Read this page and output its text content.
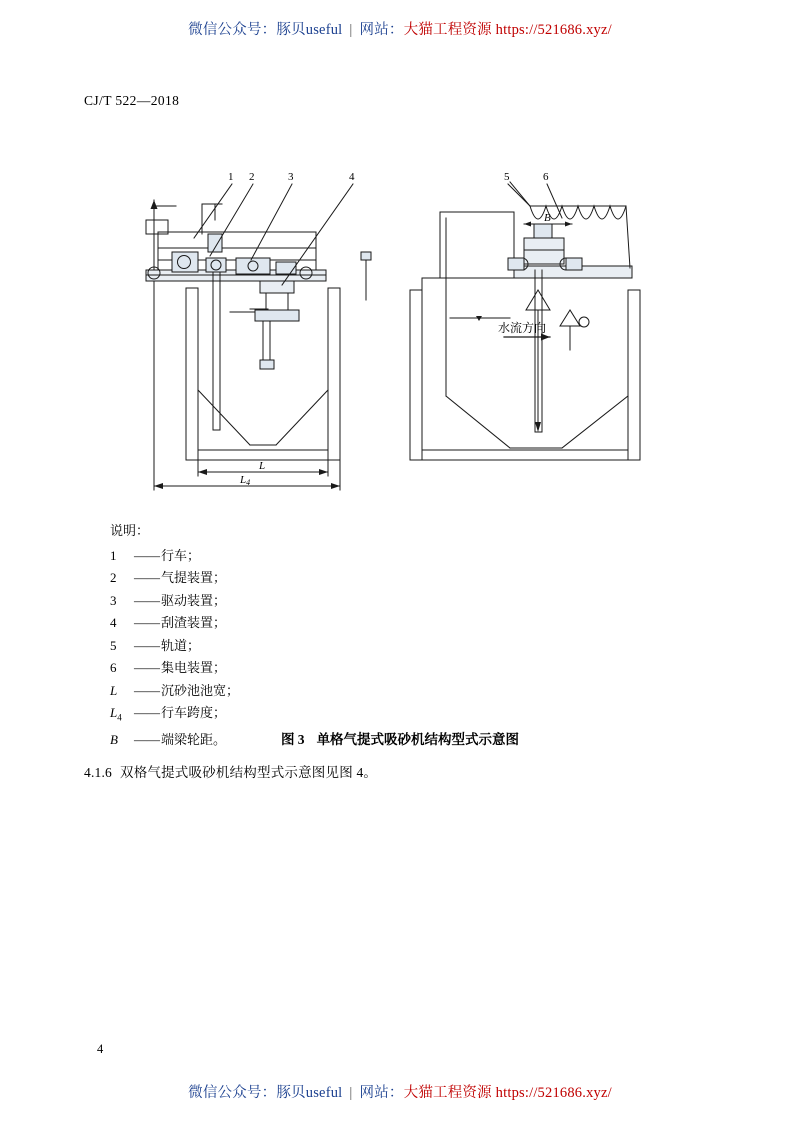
微信公众号：豚贝useful | 网站：大猫工程资源 https://521686.xyz/
CJ/T 522—2018
1 2	3	4	5	6
L
L4
B
水流方向
说明：
1 ——行车；
2 ——气提装置；
3 ——驱动装置；
4 ——刮渣装置；
5 ——轨道；
6 ——集电装置；
L ——沉砂池池宽；
$L_4$ ——行车跨度；
B ——端梁轮距。	图 3 单格气提式吸砂机结构型式示意图
4.1.6 双格气提式吸砂机结构型式示意图见图 4。
4
微信公众号：豚贝useful | 网站：大猫工程资源 https://521686.xyz/
